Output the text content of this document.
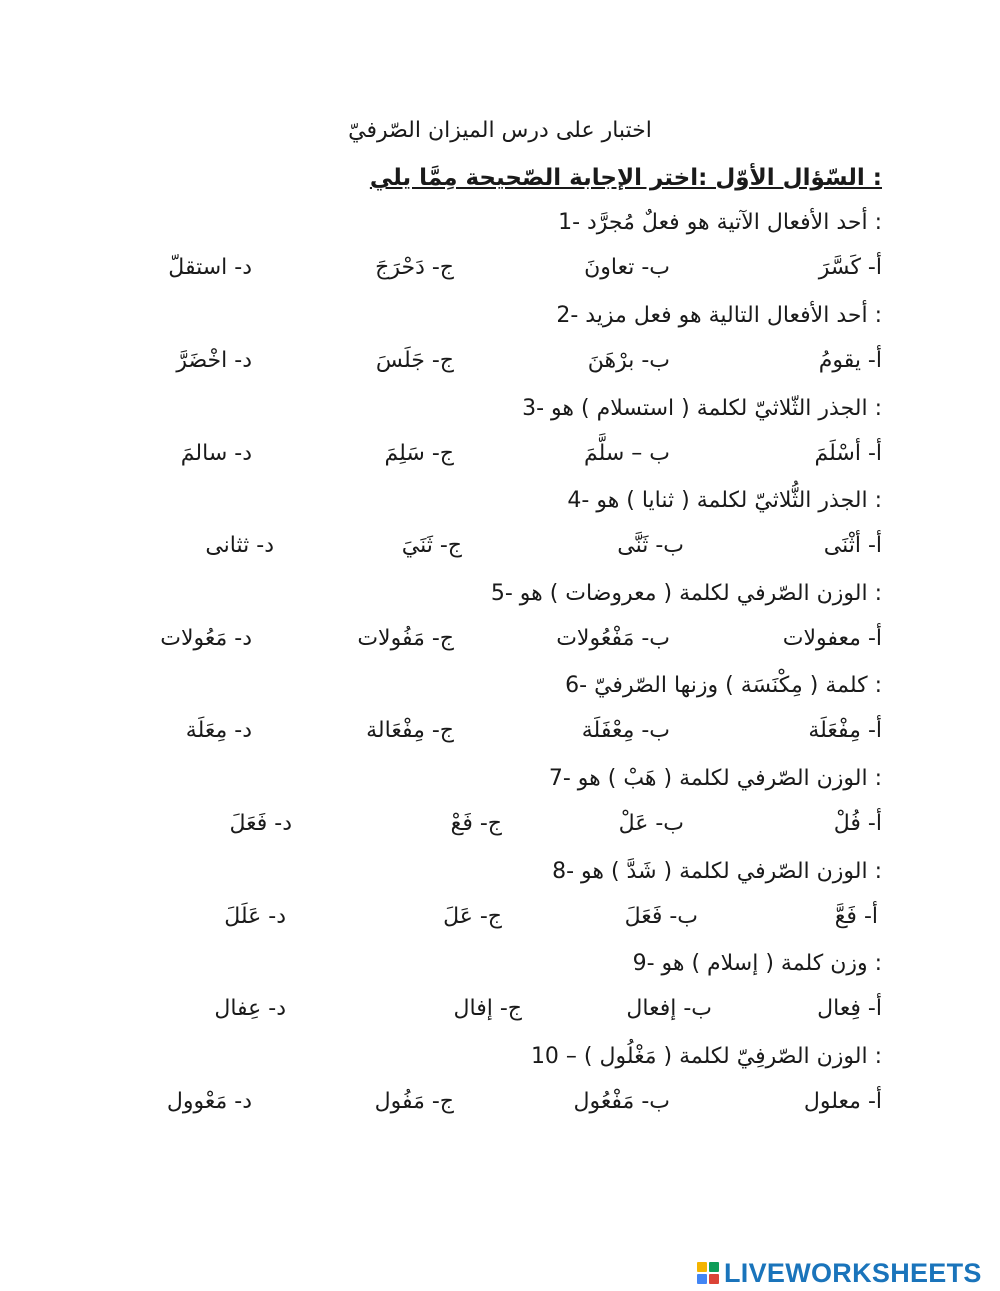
اختبار على درس الميزان الصّرفيّ
: السّؤال الأوّل :اختر الإجابة الصّحيحة مِمَّا يلي
: أحد الأفعال الآتية هو فعلٌ مُجرَّد -1
أ- كَسَّرَ
ب- تعاونَ
ج- دَحْرَجَ
د- استقلّ
: أحد الأفعال التالية هو فعل مزيد -2
أ- يقومُ
ب- برْهَنَ
ج- جَلَسَ
د- اخْضَرَّ
: الجذر الثّلاثيّ لكلمة ( استسلام ) هو -3
أ- أسْلَمَ
ب – سلَّمَ
ج- سَلِمَ
د- سالمَ
: الجذر الثُّلاثيّ لكلمة ( ثنايا ) هو -4
أ- أثْنَى
ب- ثَنَّى
ج- ثَنَيَ
د- ثثانى
: الوزن الصّرفي لكلمة ( معروضات ) هو -5
أ- معفولات
ب- مَفْعُولات
ج- مَفُولات
د- مَعُولات
: كلمة ( مِكْنَسَة ) وزنها الصّرفيّ -6
أ- مِفْعَلَة
ب- مِعْفَلَة
ج- مِفْعَالة
د- مِعَلَة
: الوزن الصّرفي لكلمة ( هَبْ ) هو -7
أ- فُلْ
ب- عَلْ
ج- فَعْ
د- فَعَلَ
: الوزن الصّرفي لكلمة ( شَدَّ ) هو -8
أ- فَعَّ
ب- فَعَلَ
ج- عَلَ
د- عَلَلَ
: وزن كلمة ( إسلام ) هو -9
أ- فِعال
ب- إفعال
ج- إفال
د- عِفال
: الوزن الصّرفِيّ لكلمة ( مَغْلُول ) – 10
أ- معلول
ب- مَفْعُول
ج- مَفُول
د- مَعْوول
LIVEWORKSHEETS
